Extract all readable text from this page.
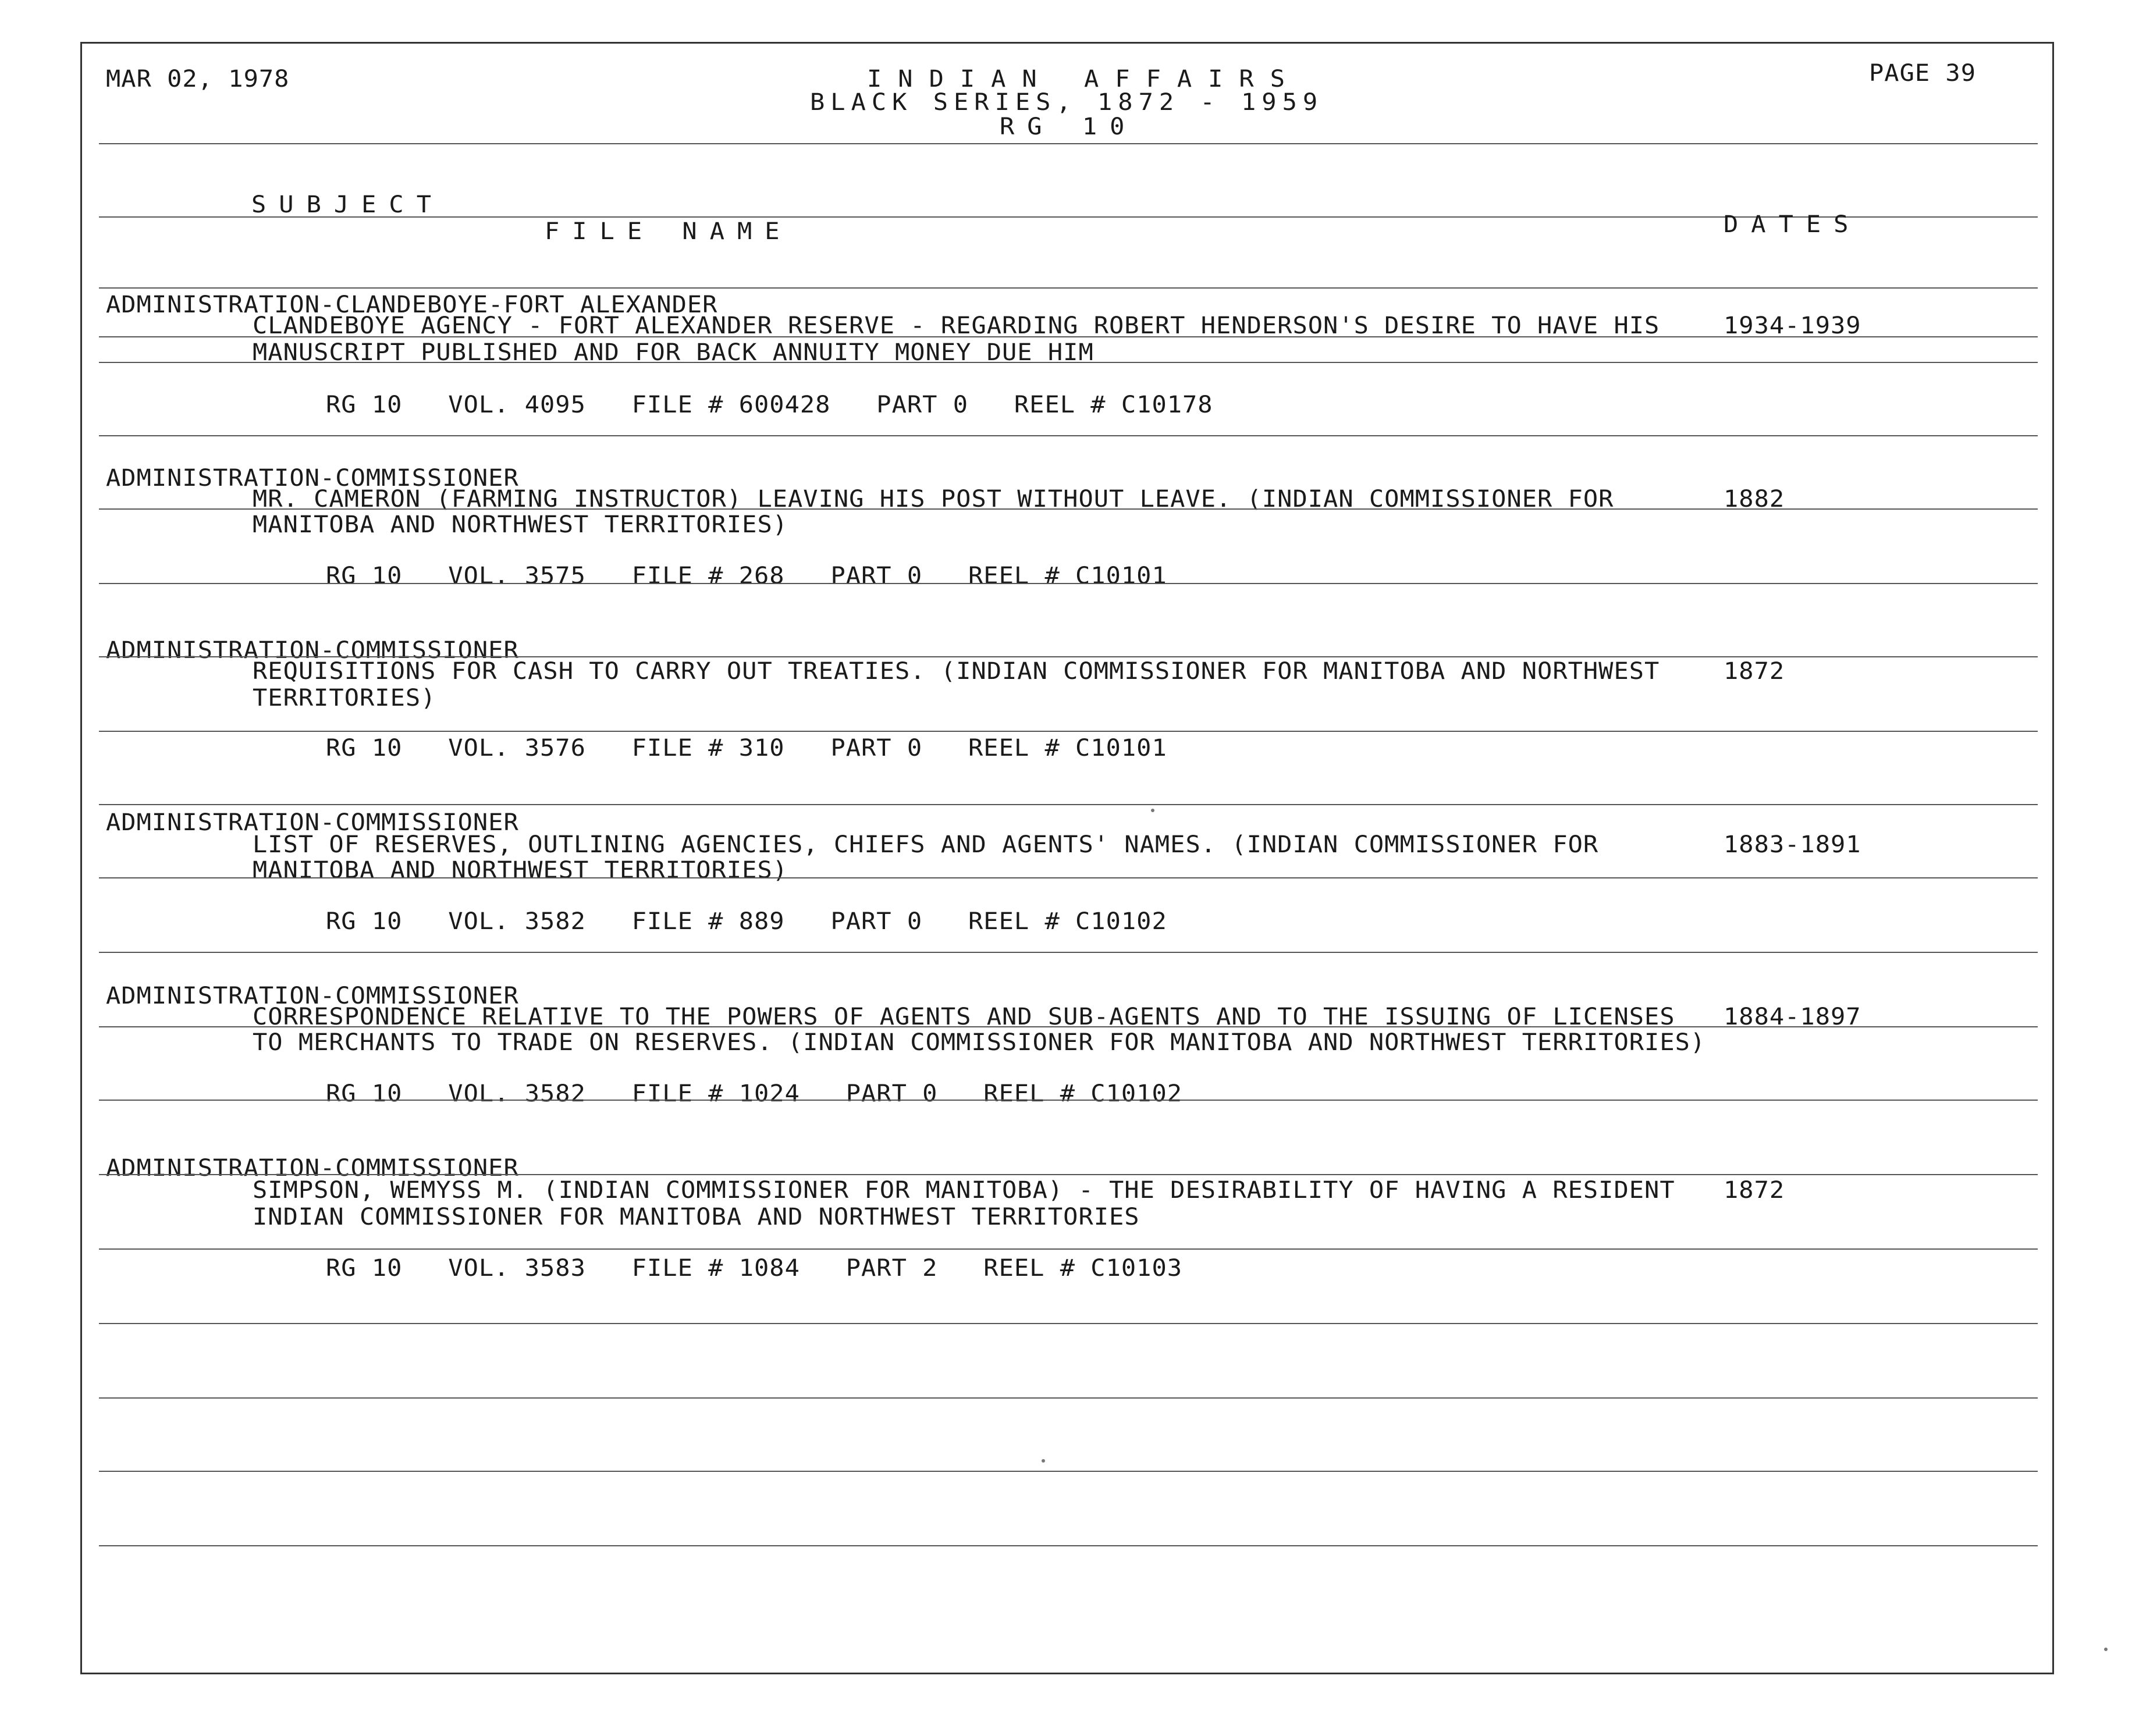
MAR 02, 1978	PAGE 39
INDIAN AFFAIRS
BLACK SERIES, 1872 - 1959
RG 10
SUBJECT
FILE NAME	DATES
ADMINISTRATION-CLANDEBOYE-FORT ALEXANDER
CLANDEBOYE AGENCY - FORT ALEXANDER RESERVE - REGARDING ROBERT HENDERSON'S DESIRE TO HAVE HIS	1934-1939
MANUSCRIPT PUBLISHED AND FOR BACK ANNUITY MONEY DUE HIM
RG 10   VOL. 4095   FILE # 600428   PART 0   REEL # C10178
ADMINISTRATION-COMMISSIONER
MR. CAMERON (FARMING INSTRUCTOR) LEAVING HIS POST WITHOUT LEAVE. (INDIAN COMMISSIONER FOR	1882
MANITOBA AND NORTHWEST TERRITORIES)
RG 10   VOL. 3575   FILE # 268   PART 0   REEL # C10101
ADMINISTRATION-COMMISSIONER
REQUISITIONS FOR CASH TO CARRY OUT TREATIES. (INDIAN COMMISSIONER FOR MANITOBA AND NORTHWEST	1872
TERRITORIES)
RG 10   VOL. 3576   FILE # 310   PART 0   REEL # C10101
ADMINISTRATION-COMMISSIONER
LIST OF RESERVES, OUTLINING AGENCIES, CHIEFS AND AGENTS' NAMES. (INDIAN COMMISSIONER FOR	1883-1891
MANITOBA AND NORTHWEST TERRITORIES)
RG 10   VOL. 3582   FILE # 889   PART 0   REEL # C10102
ADMINISTRATION-COMMISSIONER
CORRESPONDENCE RELATIVE TO THE POWERS OF AGENTS AND SUB-AGENTS AND TO THE ISSUING OF LICENSES 1884-1897
TO MERCHANTS TO TRADE ON RESERVES. (INDIAN COMMISSIONER FOR MANITOBA AND NORTHWEST TERRITORIES)
RG 10   VOL. 3582   FILE # 1024   PART 0   REEL # C10102
ADMINISTRATION-COMMISSIONER
SIMPSON, WEMYSS M. (INDIAN COMMISSIONER FOR MANITOBA) - THE DESIRABILITY OF HAVING A RESIDENT 1872
INDIAN COMMISSIONER FOR MANITOBA AND NORTHWEST TERRITORIES
RG 10   VOL. 3583   FILE # 1084   PART 2   REEL # C10103
